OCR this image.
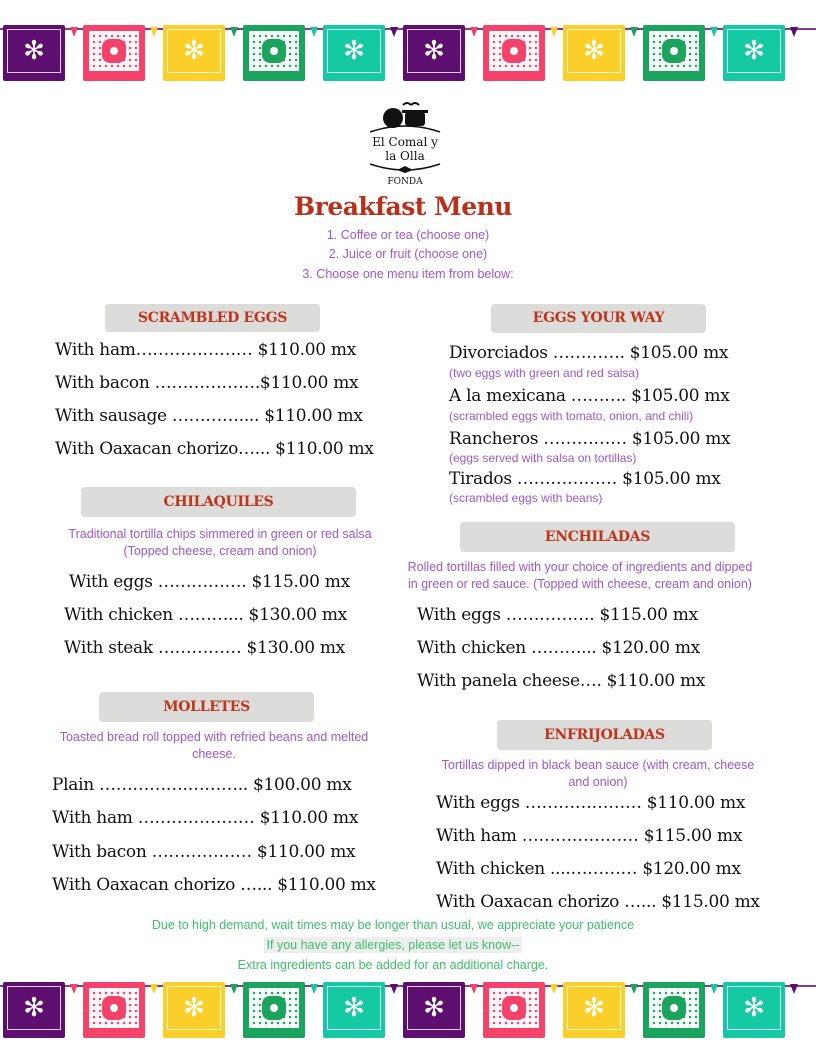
✻	✻	✻	✻	✻	✻
✻	✻	✻	✻	✻	✻
El Comal y
la Olla
FONDA
Breakfast Menu
1. Coffee or tea (choose one)
2. Juice or fruit (choose one)
3. Choose one menu item from below:
SCRAMBLED EGGS
With ham………………… $110.00 mx
With bacon ……………….$110.00 mx
With sausage ………….... $110.00 mx
With Oaxacan chorizo…... $110.00 mx
CHILAQUILES
Traditional tortilla chips simmered in green or red salsa
(Topped cheese, cream and onion)
With eggs ……………. $115.00 mx
With chicken ………... $130.00 mx
With steak …………… $130.00 mx
MOLLETES
Toasted bread roll topped with refried beans and melted
cheese.
Plain …………….……….. $100.00 mx
With ham ………………… $110.00 mx
With bacon ……………… $110.00 mx
With Oaxacan chorizo …... $110.00 mx
EGGS YOUR WAY
Divorciados …………. $105.00 mx
(two eggs with green and red salsa)
A la mexicana ………. $105.00 mx
(scrambled eggs with tomato, onion, and chili)
Rancheros …………… $105.00 mx
(eggs served with salsa on tortillas)
Tirados ……………… $105.00 mx
(scrambled eggs with beans)
ENCHILADAS
Rolled tortillas filled with your choice of ingredients and dipped
in green or red sauce. (Topped with cheese, cream and onion)
With eggs ……………. $115.00 mx
With chicken ………... $120.00 mx
With panela cheese…. $110.00 mx
ENFRIJOLADAS
Tortillas dipped in black bean sauce (with cream, cheese
and onion)
With eggs ………………… $110.00 mx
With ham ………………… $115.00 mx
With chicken ....………… $120.00 mx
With Oaxacan chorizo …... $115.00 mx
Due to high demand, wait times may be longer than usual, we appreciate your patience
If you have any allergies, please let us know--
Extra ingredients can be added for an additional charge.
